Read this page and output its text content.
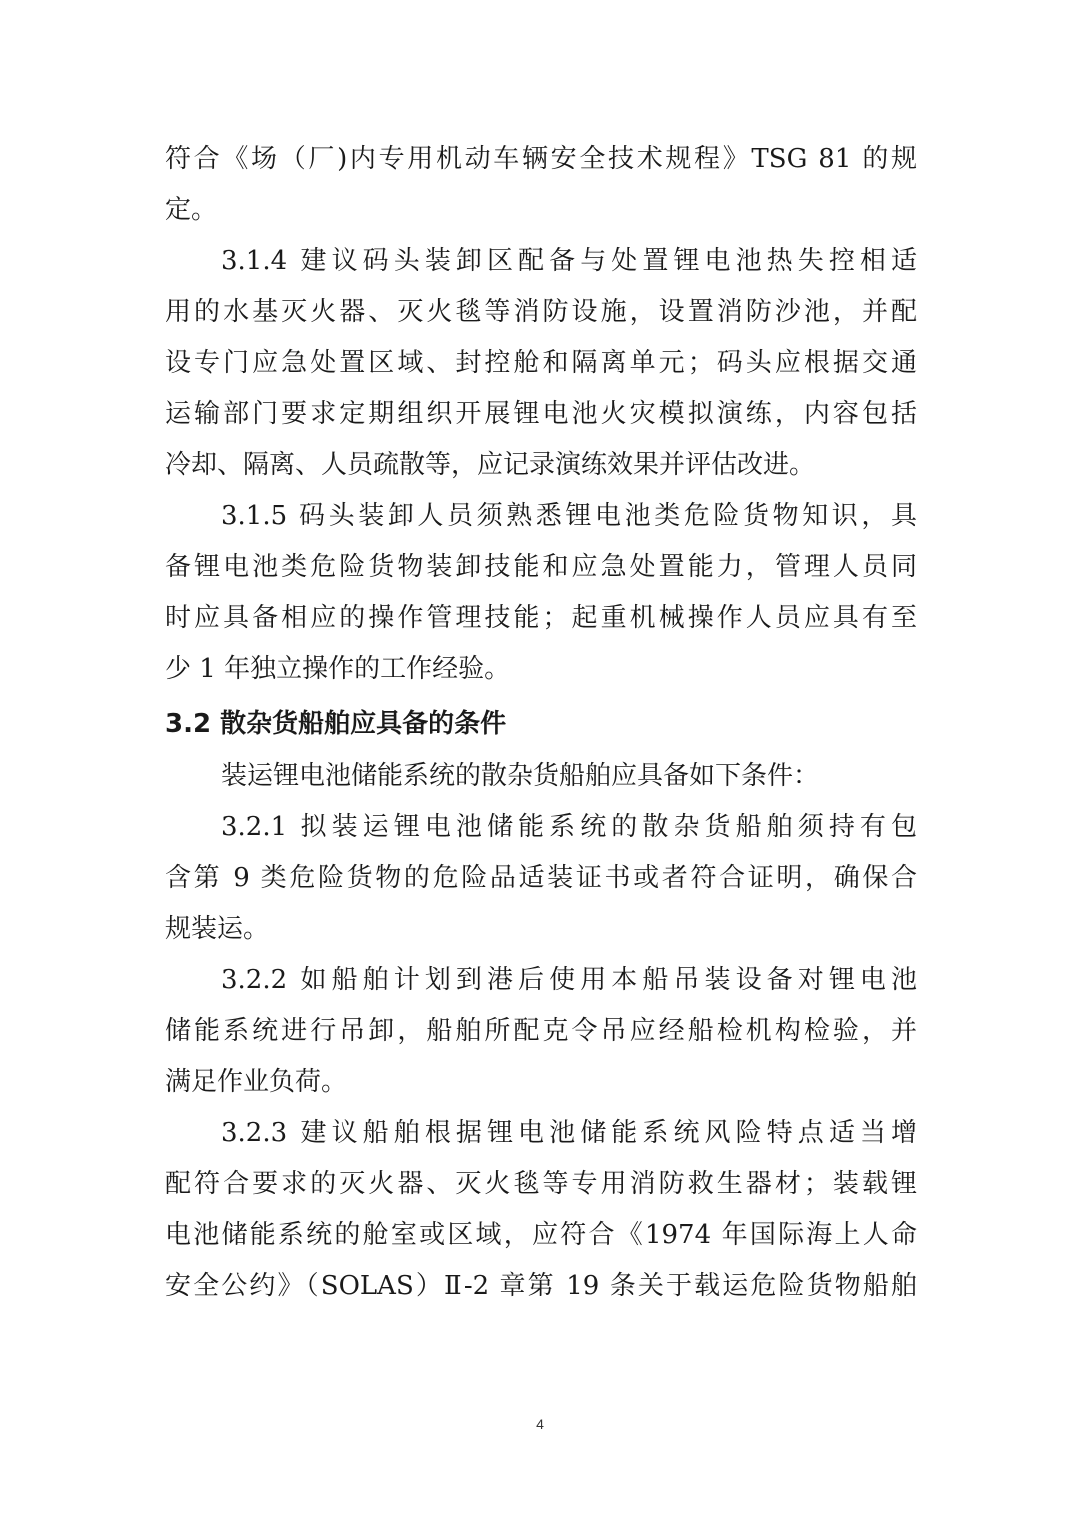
符合《场（厂)内专用机动车辆安全技术规程》TSG 81 的规
定。
3.1.4 建议码头装卸区配备与处置锂电池热失控相适
用的水基灭火器、灭火毯等消防设施，设置消防沙池，并配
设专门应急处置区域、封控舱和隔离单元；码头应根据交通
运输部门要求定期组织开展锂电池火灾模拟演练，内容包括
冷却、隔离、人员疏散等，应记录演练效果并评估改进。
3.1.5 码头装卸人员须熟悉锂电池类危险货物知识，具
备锂电池类危险货物装卸技能和应急处置能力，管理人员同
时应具备相应的操作管理技能；起重机械操作人员应具有至
少 1 年独立操作的工作经验。
3.2 散杂货船舶应具备的条件
装运锂电池储能系统的散杂货船舶应具备如下条件：
3.2.1 拟装运锂电池储能系统的散杂货船舶须持有包
含第 9 类危险货物的危险品适装证书或者符合证明，确保合
规装运。
3.2.2 如船舶计划到港后使用本船吊装设备对锂电池
储能系统进行吊卸，船舶所配克令吊应经船检机构检验，并
满足作业负荷。
3.2.3 建议船舶根据锂电池储能系统风险特点适当增
配符合要求的灭火器、灭火毯等专用消防救生器材；装载锂
电池储能系统的舱室或区域，应符合《1974 年国际海上人命
安全公约》（SOLAS）Ⅱ-2 章第 19 条关于载运危险货物船舶
4
